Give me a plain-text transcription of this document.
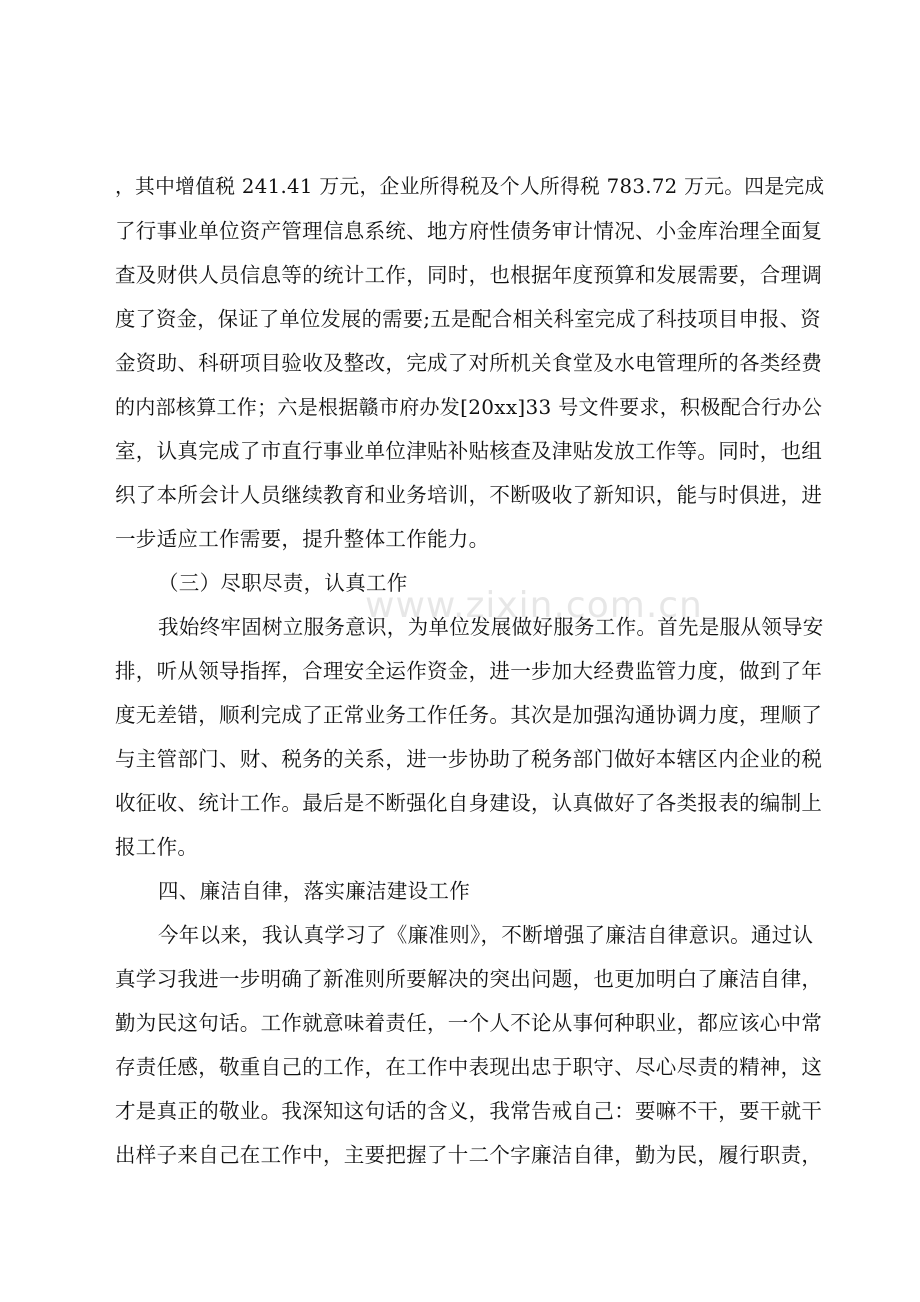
www.zixin.com.cn
，其中增值税 241.41 万元，企业所得税及个人所得税 783.72 万元。四是完成
了行事业单位资产管理信息系统、地方府性债务审计情况、小金库治理全面复
查及财供人员信息等的统计工作，同时，也根据年度预算和发展需要，合理调
度了资金，保证了单位发展的需要;五是配合相关科室完成了科技项目申报、资
金资助、科研项目验收及整改，完成了对所机关食堂及水电管理所的各类经费
的内部核算工作；六是根据赣市府办发[20xx]33 号文件要求，积极配合行办公
室，认真完成了市直行事业单位津贴补贴核查及津贴发放工作等。同时，也组
织了本所会计人员继续教育和业务培训，不断吸收了新知识，能与时俱进，进
一步适应工作需要，提升整体工作能力。
（三）尽职尽责，认真工作
我始终牢固树立服务意识，为单位发展做好服务工作。首先是服从领导安
排，听从领导指挥，合理安全运作资金，进一步加大经费监管力度，做到了年
度无差错，顺利完成了正常业务工作任务。其次是加强沟通协调力度，理顺了
与主管部门、财、税务的关系，进一步协助了税务部门做好本辖区内企业的税
收征收、统计工作。最后是不断强化自身建设，认真做好了各类报表的编制上
报工作。
四、廉洁自律，落实廉洁建设工作
今年以来，我认真学习了《廉准则》，不断增强了廉洁自律意识。通过认
真学习我进一步明确了新准则所要解决的突出问题，也更加明白了廉洁自律，
勤为民这句话。工作就意味着责任，一个人不论从事何种职业，都应该心中常
存责任感，敬重自己的工作，在工作中表现出忠于职守、尽心尽责的精神，这
才是真正的敬业。我深知这句话的含义，我常告戒自己：要嘛不干，要干就干
出样子来自己在工作中，主要把握了十二个字廉洁自律，勤为民，履行职责，
